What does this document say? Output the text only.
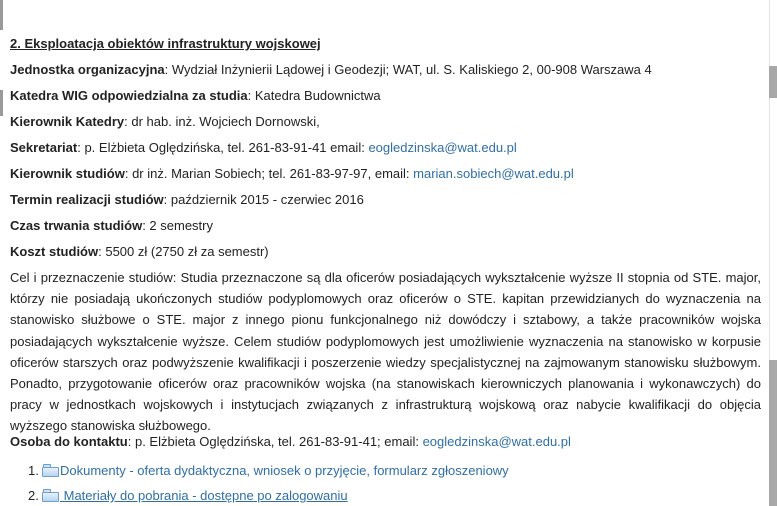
2. Eksploatacja obiektów infrastruktury wojskowej
Jednostka organizacyjna: Wydział Inżynierii Lądowej i Geodezji; WAT, ul. S. Kaliskiego 2, 00-908 Warszawa 4
Katedra WIG odpowiedzialna za studia: Katedra Budownictwa
Kierownik Katedry: dr hab. inż. Wojciech Dornowski,
Sekretariat: p. Elżbieta Oględzińska, tel. 261-83-91-41 email: eogledzinska@wat.edu.pl
Kierownik studiów: dr inż. Marian Sobiech; tel. 261-83-97-97, email: marian.sobiech@wat.edu.pl
Termin realizacji studiów: październik 2015 - czerwiec 2016
Czas trwania studiów: 2 semestry
Koszt studiów: 5500 zł (2750 zł za semestr)
Cel i przeznaczenie studiów: Studia przeznaczone są dla oficerów posiadających wykształcenie wyższe II stopnia od STE. major, którzy nie posiadają ukończonych studiów podyplomowych oraz oficerów o STE. kapitan przewidzianych do wyznaczenia na stanowisko służbowe o STE. major z innego pionu funkcjonalnego niż dowódczy i sztabowy, a także pracowników wojska posiadających wykształcenie wyższe. Celem studiów podyplomowych jest umożliwienie wyznaczenia na stanowisko w korpusie oficerów starszych oraz podwyższenie kwalifikacji i poszerzenie wiedzy specjalistycznej na zajmowanym stanowisku służbowym. Ponadto, przygotowanie oficerów oraz pracowników wojska (na stanowiskach kierowniczych planowania i wykonawczych) do pracy w jednostkach wojskowych i instytucjach związanych z infrastrukturą wojskową oraz nabycie kwalifikacji do objęcia wyższego stanowiska służbowego.
Osoba do kontaktu: p. Elżbieta Oględzińska, tel. 261-83-91-41; email: eogledzinska@wat.edu.pl
1. Dokumenty - oferta dydaktyczna, wniosek o przyjęcie, formularz zgłoszeniowy
2.
Materiały do pobrania - dostępne po zalogowaniu
